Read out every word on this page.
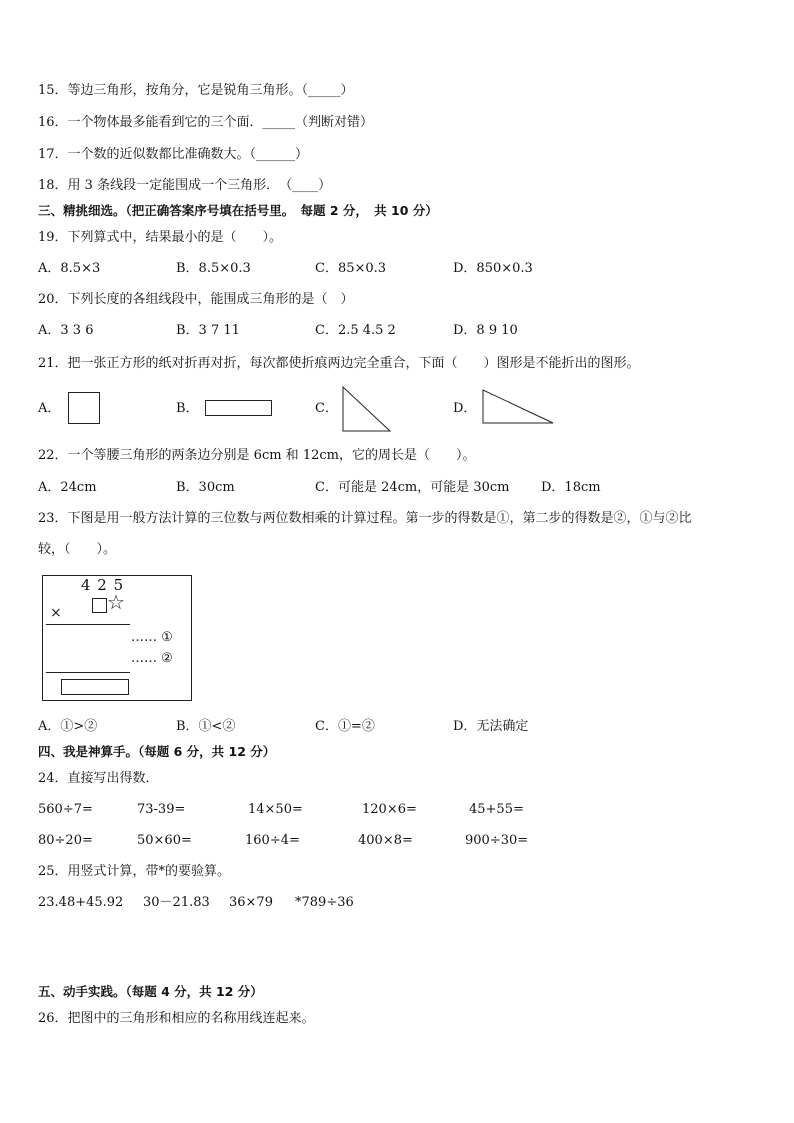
15．等边三角形，按角分，它是锐角三角形。（_____）
16．一个物体最多能看到它的三个面．_____（判断对错）
17．一个数的近似数都比准确数大。（______）
18．用 3 条线段一定能围成一个三角形．　（____）
三、精挑细选。（把正确答案序号填在括号里。　每题 2 分，　共 10 分）
19．下列算式中，结果最小的是（　　）。
A．8.5×3	B．8.5×0.3	C．85×0.3	D．850×0.3
20．下列长度的各组线段中，能围成三角形的是（　）
A．3 3 6	B．3 7 11	C．2.5 4.5 2	D．8 9 10
21．把一张正方形的纸对折再对折，每次都使折痕两边完全重合，下面（　　）图形是不能折出的图形。
A．	B．	C．	D．
22．一个等腰三角形的两条边分别是 6cm 和 12cm，它的周长是（　　）。
A．24cm	B．30cm	C．可能是 24cm，可能是 30cm D．18cm
23．下图是用一般方法计算的三位数与两位数相乘的计算过程。第一步的得数是①，第二步的得数是②，①与②比
较，（　　）。
4 2 5
× ☆
…… ①
…… ②
A．①>②	B．①<②	C．①=②	D．无法确定
四、我是神算手。（每题 6 分，共 12 分）
24．直接写出得数．
560÷7=	73-39=	14×50=	120×6=	45+55=
80÷20=	50×60=	160÷4=	400×8=	900÷30=
25．用竖式计算，带*的要验算。
23.48+45.92 30－21.83 36×79 *789÷36
五、动手实践。（每题 4 分，共 12 分）
26．把图中的三角形和相应的名称用线连起来。
